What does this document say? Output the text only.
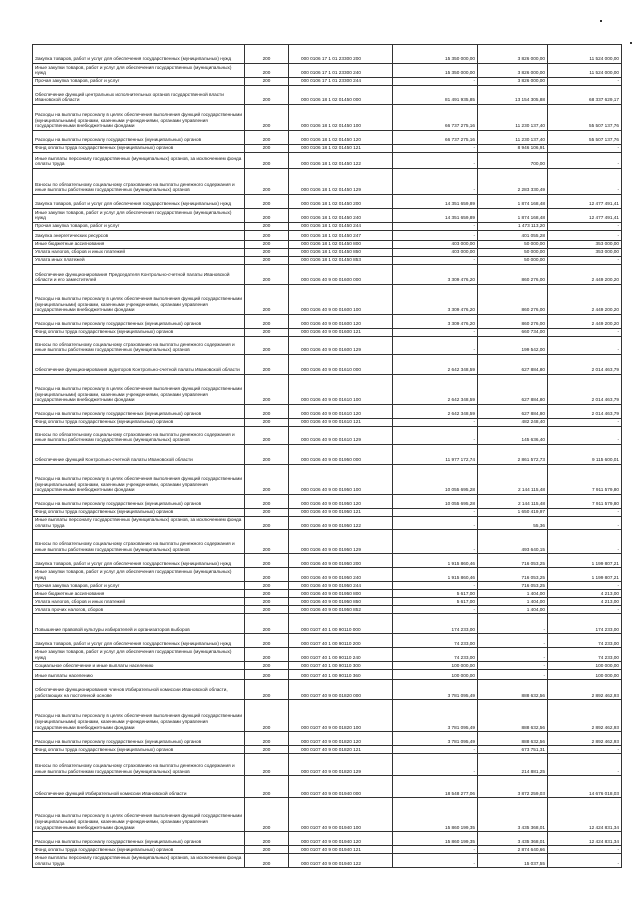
Закупка товаров, работ и услуг для обеспечения государственных (муниципальных) нужд	200	000 0106 17 1 01 23300 200	15 350 000,00	3 826 000,00	11 524 000,00
Иные закупки товаров, работ и услуг для обеспечения государственных (муниципальных) нужд	200	000 0106 17 1 01 23300 240	15 350 000,00	3 826 000,00	11 524 000,00
Прочая закупка товаров, работ и услуг	200	000 0106 17 1 01 23300 244	-	3 826 000,00	-
Обеспечение функций центральных исполнительных органов государственной власти Ивановской области	200	000 0106 18 1 02 01450 000	81 491 935,85	13 154 305,88	68 337 629,17
Расходы на выплаты персоналу в целях обеспечения выполнения функций государственными (муниципальными) органами, казенными учреждениями, органами управления государственными внебюджетными фондами	200	000 0106 18 1 02 01450 100	66 737 275,16	11 230 137,40	55 507 137,76
Расходы на выплаты персоналу государственных (муниципальных) органов	200	000 0106 18 1 02 01450 120	66 737 275,16	11 230 137,40	55 507 137,76
Фонд оплаты труда государственных (муниципальных) органов	200	000 0106 18 1 02 01450 121	-	8 946 106,91	-
Иные выплаты персоналу государственных (муниципальных) органов, за исключением фонда оплаты труда	200	000 0106 18 1 02 01450 122	-	700,00	-
Взносы по обязательному социальному страхованию на выплаты денежного содержания и иные выплаты работникам государственных (муниципальных) органов	200	000 0106 18 1 02 01450 129	-	2 283 330,49	-
Закупка товаров, работ и услуг для обеспечения государственных (муниципальных) нужд	200	000 0106 18 1 02 01450 200	14 351 659,89	1 874 168,48	12 477 491,41
Иные закупки товаров, работ и услуг для обеспечения государственных (муниципальных) нужд	200	000 0106 18 1 02 01450 240	14 351 659,89	1 874 168,48	12 477 491,41
Прочая закупка товаров, работ и услуг	200	000 0106 18 1 02 01450 244	-	1 473 113,20	-
Закупка энергетических ресурсов	200	000 0106 18 1 02 01450 247	-	401 055,28	-
Иные бюджетные ассигнования	200	000 0106 18 1 02 01450 800	403 000,00	50 000,00	353 000,00
Уплата налогов, сборов и иных платежей	200	000 0106 18 1 02 01450 850	403 000,00	50 000,00	353 000,00
Уплата иных платежей	200	000 0106 18 1 02 01450 853	-	50 000,00	-
Обеспечение функционирования Председателя Контрольно-счетной палаты Ивановской области и его заместителей	200	000 0106 40 9 00 01600 000	3 309 476,20	860 276,00	2 449 200,20
Расходы на выплаты персоналу в целях обеспечения выполнения функций государственными (муниципальными) органами, казенными учреждениями, органами управления государственными внебюджетными фондами	200	000 0106 40 9 00 01600 100	3 309 476,20	860 276,00	2 449 200,20
Расходы на выплаты персоналу государственных (муниципальных) органов	200	000 0106 40 9 00 01600 120	3 309 476,20	860 276,00	2 449 200,20
Фонд оплаты труда государственных (муниципальных) органов	200	000 0106 40 9 00 01600 121	-	660 734,00	-
Взносы по обязательному социальному страхованию на выплаты денежного содержания и иные выплаты работникам государственных (муниципальных) органов	200	000 0106 40 9 00 01600 129	-	199 542,00	-
Обеспечение функционирования аудиторов Контрольно-счетной палаты Ивановской области	200	000 0106 40 9 00 01610 000	2 642 348,59	627 884,80	2 014 463,79
Расходы на выплаты персоналу в целях обеспечения выполнения функций государственными (муниципальными) органами, казенными учреждениями, органами управления государственными внебюджетными фондами	200	000 0106 40 9 00 01610 100	2 642 348,59	627 884,80	2 014 463,79
Расходы на выплаты персоналу государственных (муниципальных) органов	200	000 0106 40 9 00 01610 120	2 642 348,59	627 884,80	2 014 463,79
Фонд оплаты труда государственных (муниципальных) органов	200	000 0106 40 9 00 01610 121	-	482 248,40	-
Взносы по обязательному социальному страхованию на выплаты денежного содержания и иные выплаты работникам государственных (муниципальных) органов	200	000 0106 40 9 00 01610 129	-	145 636,40	-
Обеспечение функций Контрольно-счетной палаты Ивановской области	200	000 0106 40 9 00 01950 000	11 977 172,74	2 861 572,73	9 115 600,01
Расходы на выплаты персоналу в целях обеспечения выполнения функций государственными (муниципальными) органами, казенными учреждениями, органами управления государственными внебюджетными фондами	200	000 0106 40 9 00 01950 100	10 055 695,28	2 144 115,48	7 911 579,80
Расходы на выплаты персоналу государственных (муниципальных) органов	200	000 0106 40 9 00 01950 120	10 055 695,28	2 144 115,48	7 911 579,80
Фонд оплаты труда государственных (муниципальных) органов	200	000 0106 40 9 00 01950 121	-	1 650 419,97	-
Иные выплаты персоналу государственных (муниципальных) органов, за исключением фонда оплаты труда	200	000 0106 40 9 00 01950 122	-	55,36	-
Взносы по обязательному социальному страхованию на выплаты денежного содержания и иные выплаты работникам государственных (муниципальных) органов	200	000 0106 40 9 00 01950 129	-	493 640,15	-
Закупка товаров, работ и услуг для обеспечения государственных (муниципальных) нужд	200	000 0106 40 9 00 01950 200	1 915 860,46	716 053,25	1 199 807,21
Иные закупки товаров, работ и услуг для обеспечения государственных (муниципальных) нужд	200	000 0106 40 9 00 01950 240	1 915 860,46	716 053,25	1 199 807,21
Прочая закупка товаров, работ и услуг	200	000 0106 40 9 00 01950 244	-	716 053,25	-
Иные бюджетные ассигнования	200	000 0106 40 9 00 01950 800	5 617,00	1 404,00	4 213,00
Уплата налогов, сборов и иных платежей	200	000 0106 40 9 00 01950 850	5 617,00	1 404,00	4 213,00
Уплата прочих налогов, сборов	200	000 0106 40 9 00 01950 852	-	1 404,00	-
Повышение правовой культуры избирателей и организаторов выборов	200	000 0107 40 1 00 90110 000	174 233,00	-	174 233,00
Закупка товаров, работ и услуг для обеспечения государственных (муниципальных) нужд	200	000 0107 40 1 00 90110 200	74 233,00	-	74 233,00
Иные закупки товаров, работ и услуг для обеспечения государственных (муниципальных) нужд	200	000 0107 40 1 00 90110 240	74 233,00	-	74 233,00
Социальное обеспечение и иные выплаты населению	200	000 0107 40 1 00 90110 300	100 000,00	-	100 000,00
Иные выплаты населению	200	000 0107 40 1 00 90110 360	100 000,00	-	100 000,00
Обеспечение функционирования членов Избирательной комиссии Ивановской области, работающих на постоянной основе	200	000 0107 40 9 00 01820 000	3 781 095,49	888 632,56	2 892 462,93
Расходы на выплаты персоналу в целях обеспечения выполнения функций государственными (муниципальными) органами, казенными учреждениями, органами управления государственными внебюджетными фондами	200	000 0107 40 9 00 01820 100	3 781 095,49	888 632,56	2 892 462,93
Расходы на выплаты персоналу государственных (муниципальных) органов	200	000 0107 40 9 00 01820 120	3 781 095,49	888 632,56	2 892 462,93
Фонд оплаты труда государственных (муниципальных) органов	200	000 0107 40 9 00 01820 121	-	673 751,31	-
Взносы по обязательному социальному страхованию на выплаты денежного содержания и иные выплаты работникам государственных (муниципальных) органов	200	000 0107 40 9 00 01820 129	-	214 881,25	-
Обеспечение функций Избирательной комиссии Ивановской области	200	000 0107 40 9 00 01940 000	18 548 277,06	3 872 259,03	14 676 018,03
Расходы на выплаты персоналу в целях обеспечения выполнения функций государственными (муниципальными) органами, казенными учреждениями, органами управления государственными внебюджетными фондами	200	000 0107 40 9 00 01940 100	15 860 199,35	3 435 368,01	12 424 831,34
Расходы на выплаты персоналу государственных (муниципальных) органов	200	000 0107 40 9 00 01940 120	15 860 199,35	3 435 368,01	12 424 831,34
Фонд оплаты труда государственных (муниципальных) органов	200	000 0107 40 9 00 01940 121	-	2 874 640,66	-
Иные выплаты персоналу государственных (муниципальных) органов, за исключением фонда оплаты труда	200	000 0107 40 9 00 01940 122	-	15 037,55	-
